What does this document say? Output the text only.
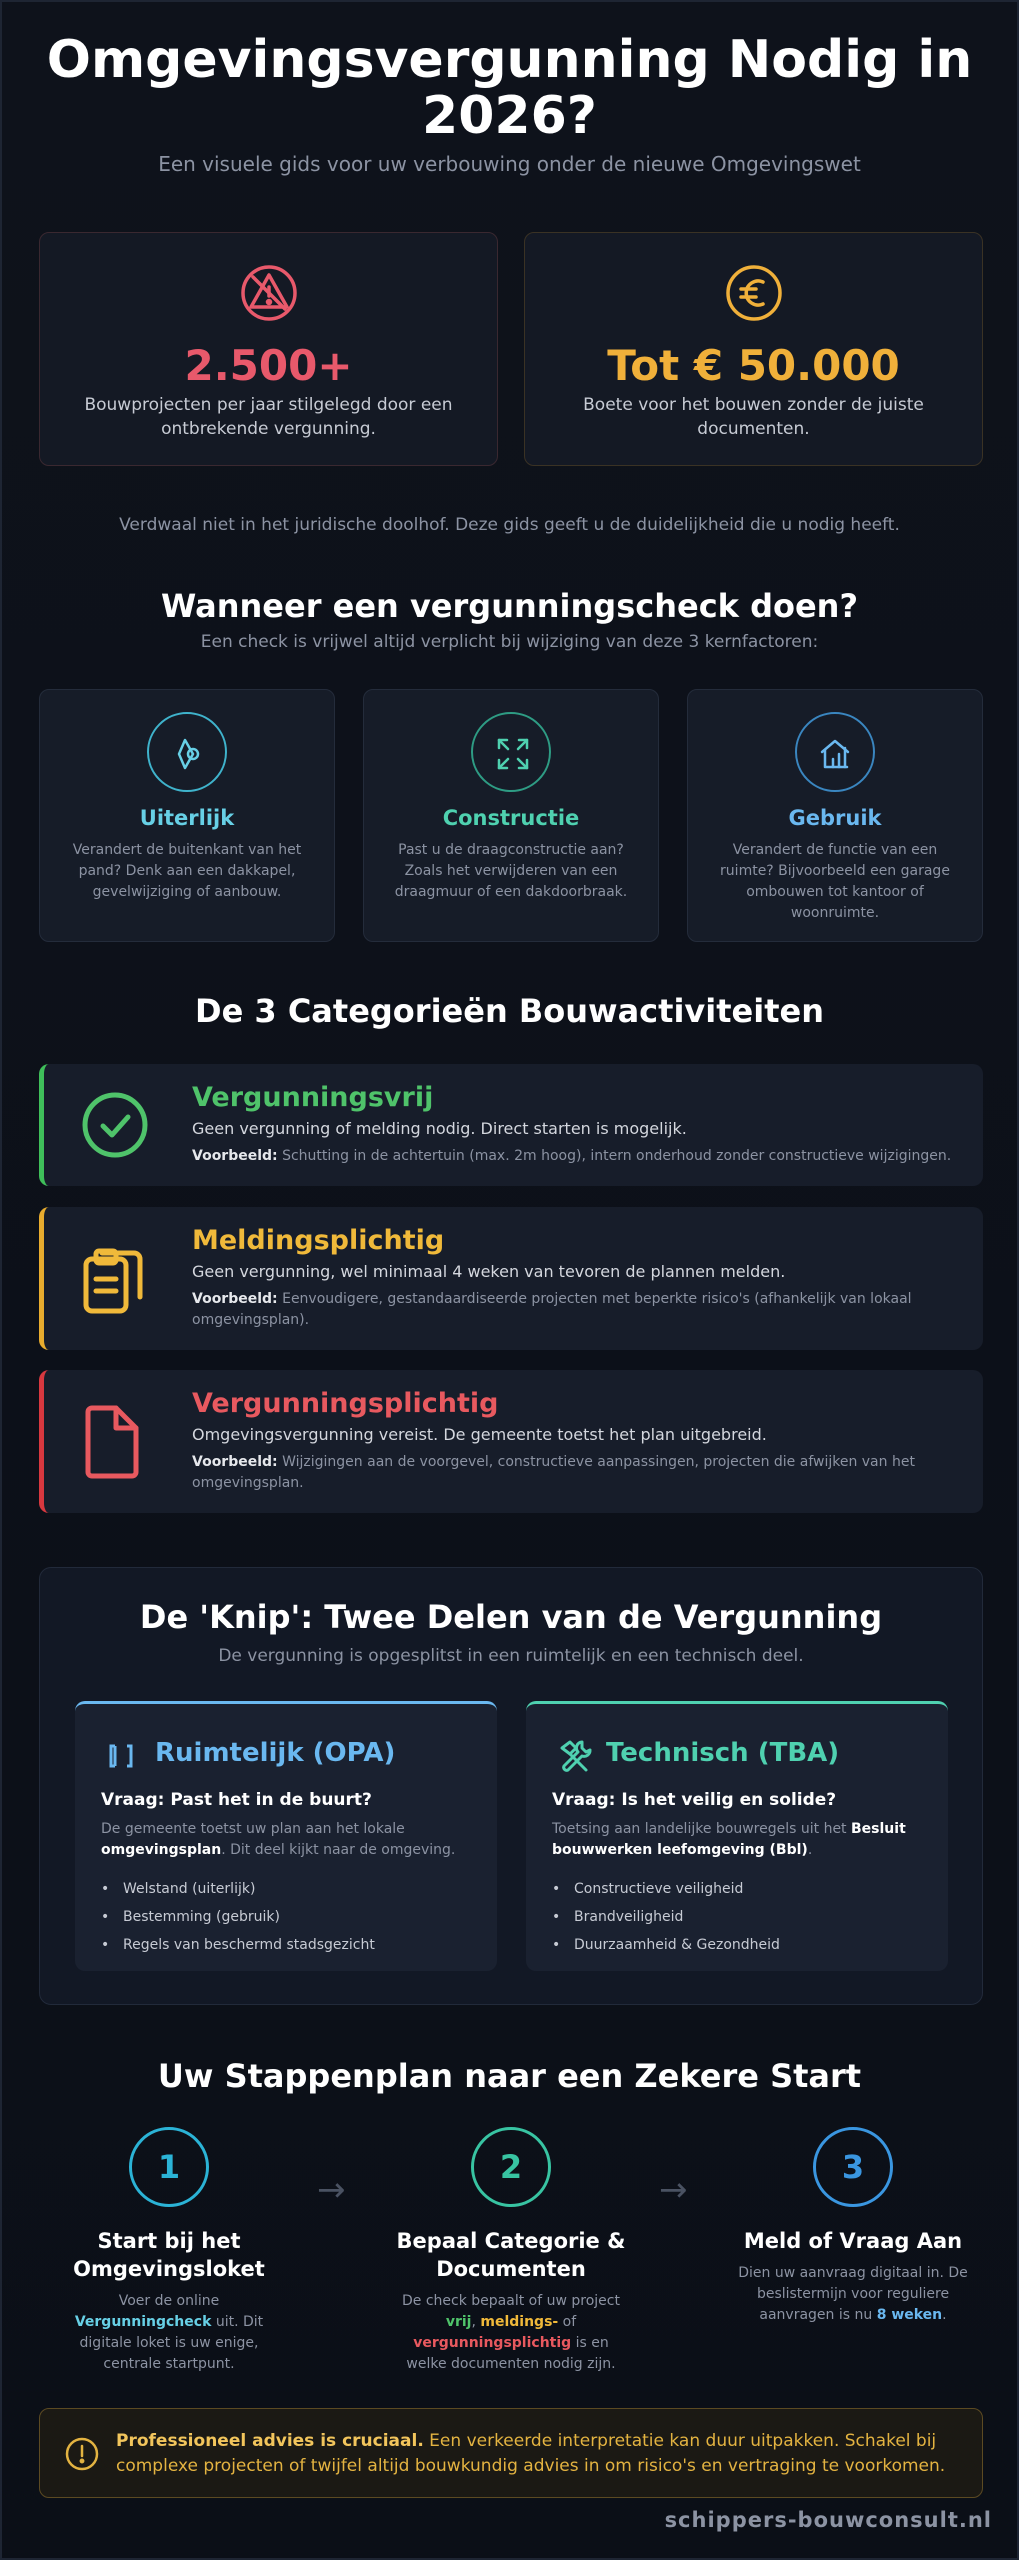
Omgevingsvergunning Nodig in 2026?
Een visuele gids voor uw verbouwing onder de nieuwe Omgevingswet
2.500+
Bouwprojecten per jaar stilgelegd door een ontbrekende vergunning.
Tot € 50.000
Boete voor het bouwen zonder de juiste documenten.
Verdwaal niet in het juridische doolhof. Deze gids geeft u de duidelijkheid die u nodig heeft.
Wanneer een vergunningscheck doen?
Een check is vrijwel altijd verplicht bij wijziging van deze 3 kernfactoren:
Uiterlijk
Verandert de buitenkant van het pand? Denk aan een dakkapel, gevelwijziging of aanbouw.
Constructie
Past u de draagconstructie aan? Zoals het verwijderen van een draagmuur of een dakdoorbraak.
Gebruik
Verandert de functie van een ruimte? Bijvoorbeeld een garage ombouwen tot kantoor of woonruimte.
De 3 Categorieën Bouwactiviteiten
Vergunningsvrij
Geen vergunning of melding nodig. Direct starten is mogelijk.
Voorbeeld: Schutting in de achtertuin (max. 2m hoog), intern onderhoud zonder constructieve wijzigingen.
Meldingsplichtig
Geen vergunning, wel minimaal 4 weken van tevoren de plannen melden.
Voorbeeld: Eenvoudigere, gestandaardiseerde projecten met beperkte risico's (afhankelijk van lokaal omgevingsplan).
Vergunningsplichtig
Omgevingsvergunning vereist. De gemeente toetst het plan uitgebreid.
Voorbeeld: Wijzigingen aan de voorgevel, constructieve aanpassingen, projecten die afwijken van het omgevingsplan.
De 'Knip': Twee Delen van de Vergunning
De vergunning is opgesplitst in een ruimtelijk en een technisch deel.
Ruimtelijk (OPA)
Vraag: Past het in de buurt?
De gemeente toetst uw plan aan het lokale omgevingsplan. Dit deel kijkt naar de omgeving.
• Welstand (uiterlijk)
• Bestemming (gebruik)
• Regels van beschermd stadsgezicht
Technisch (TBA)
Vraag: Is het veilig en solide?
Toetsing aan landelijke bouwregels uit het Besluit bouwwerken leefomgeving (Bbl).
• Constructieve veiligheid
• Brandveiligheid
• Duurzaamheid & Gezondheid
Uw Stappenplan naar een Zekere Start
1
Start bij het Omgevingsloket
Voer de online Vergunningcheck uit. Dit digitale loket is uw enige, centrale startpunt.
→
2
Bepaal Categorie & Documenten
De check bepaalt of uw project vrij, meldings- of vergunningsplichtig is en welke documenten nodig zijn.
→
3
Meld of Vraag Aan
Dien uw aanvraag digitaal in. De beslistermijn voor reguliere aanvragen is nu 8 weken.
Professioneel advies is cruciaal. Een verkeerde interpretatie kan duur uitpakken. Schakel bij complexe projecten of twijfel altijd bouwkundig advies in om risico's en vertraging te voorkomen.
schippers-bouwconsult.nl
